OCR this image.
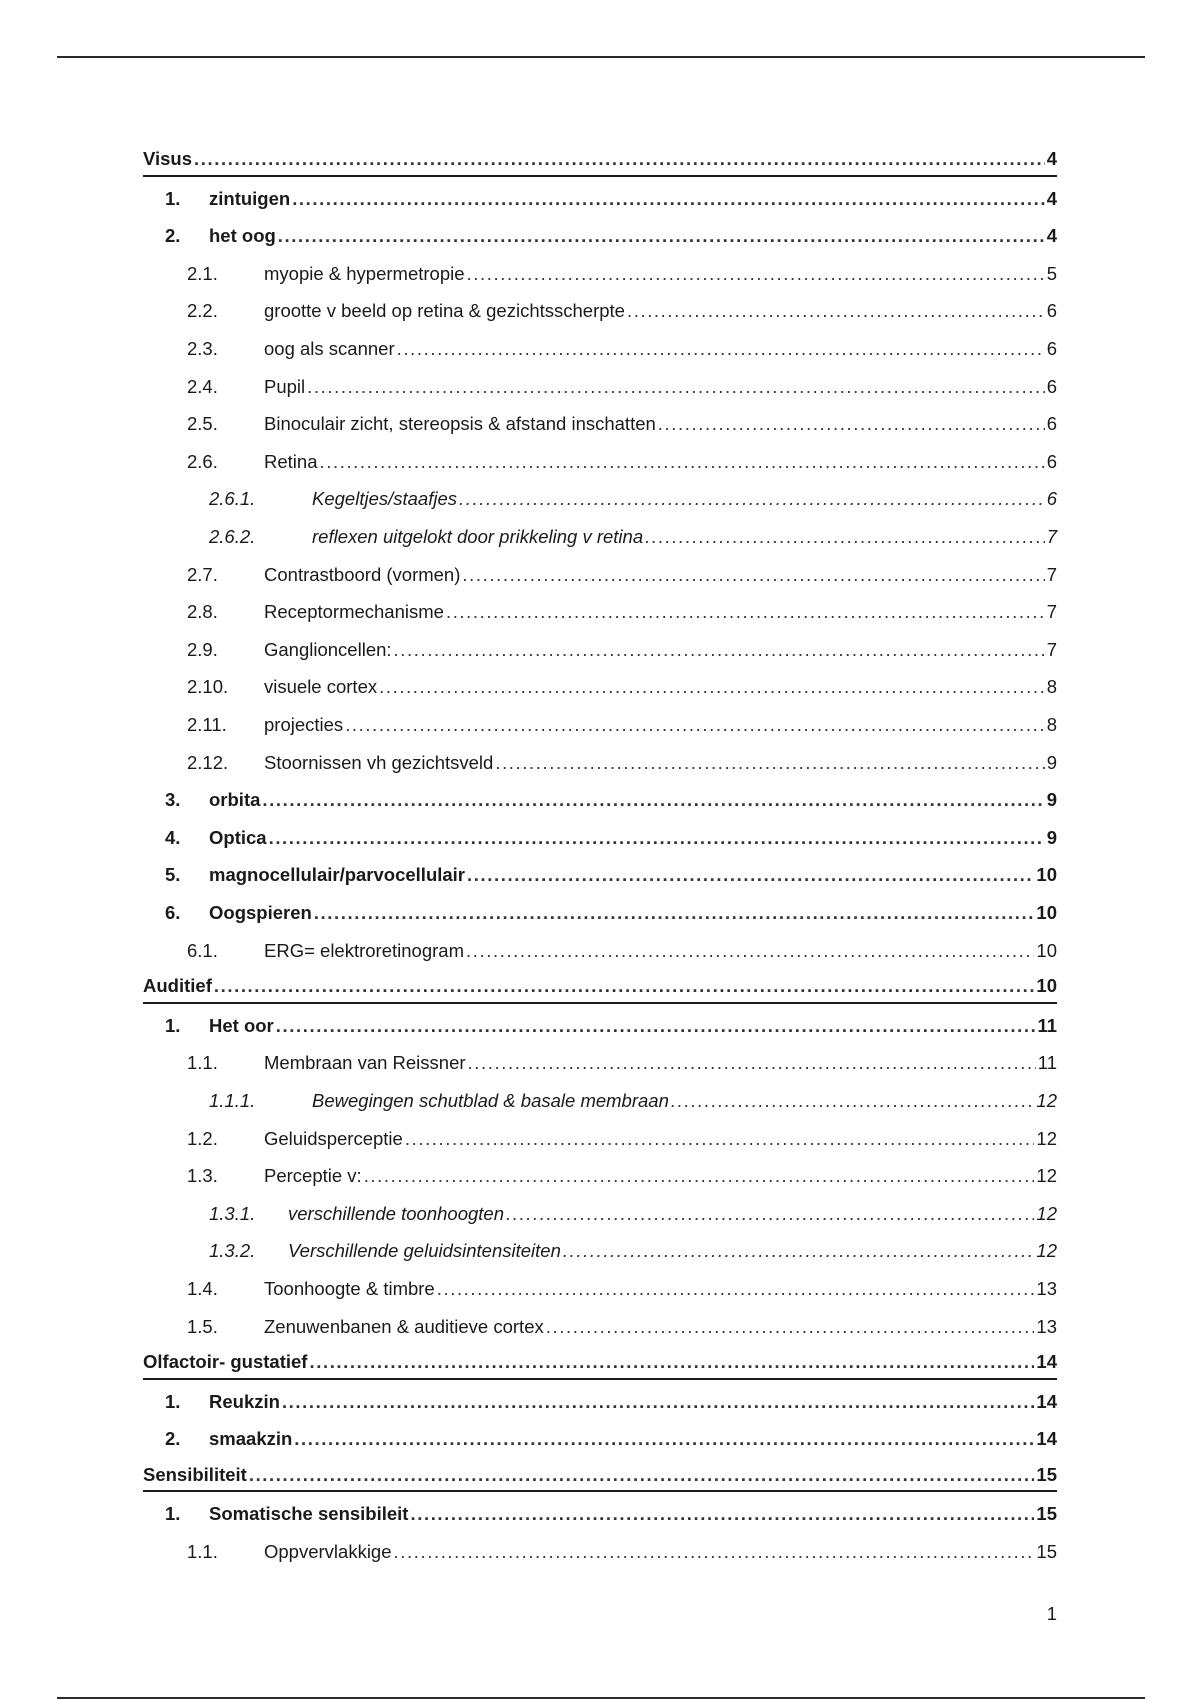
Visus .....	4
1.	zintuigen .....	4
2.	het oog .....	4
2.1.	myopie & hypermetropie .....	5
2.2.	grootte v beeld op retina & gezichtsscherpte .....	6
2.3.	oog als scanner .....	6
2.4.	Pupil .....	6
2.5.	Binoculair zicht, stereopsis & afstand inschatten .....	6
2.6.	Retina .....	6
2.6.1.	Kegeltjes/staafjes .....	6
2.6.2.	reflexen uitgelokt door prikkeling v retina .....	7
2.7.	Contrastboord (vormen) .....	7
2.8.	Receptormechanisme .....	7
2.9.	Ganglioncellen: .....	7
2.10.	visuele cortex .....	8
2.11.	projecties .....	8
2.12.	Stoornissen vh gezichtsveld .....	9
3.	orbita .....	9
4.	Optica .....	9
5.	magnocellulair/parvocellulair .....	10
6.	Oogspieren .....	10
6.1.	ERG= elektroretinogram .....	10
Auditief .....	10
1.	Het oor .....	11
1.1.	Membraan van Reissner .....	11
1.1.1.	Bewegingen schutblad & basale membraan .....	12
1.2.	Geluidsperceptie .....	12
1.3.	Perceptie v: .....	12
1.3.1.	verschillende toonhoogten .....	12
1.3.2.	Verschillende geluidsintensiteiten .....	12
1.4.	Toonhoogte & timbre .....	13
1.5.	Zenuwenbanen & auditieve cortex .....	13
Olfactoir- gustatief .....	14
1.	Reukzin .....	14
2.	smaakzin .....	14
Sensibiliteit .....	15
1.	Somatische sensibileit .....	15
1.1.	Oppvervlakkige .....	15
1
